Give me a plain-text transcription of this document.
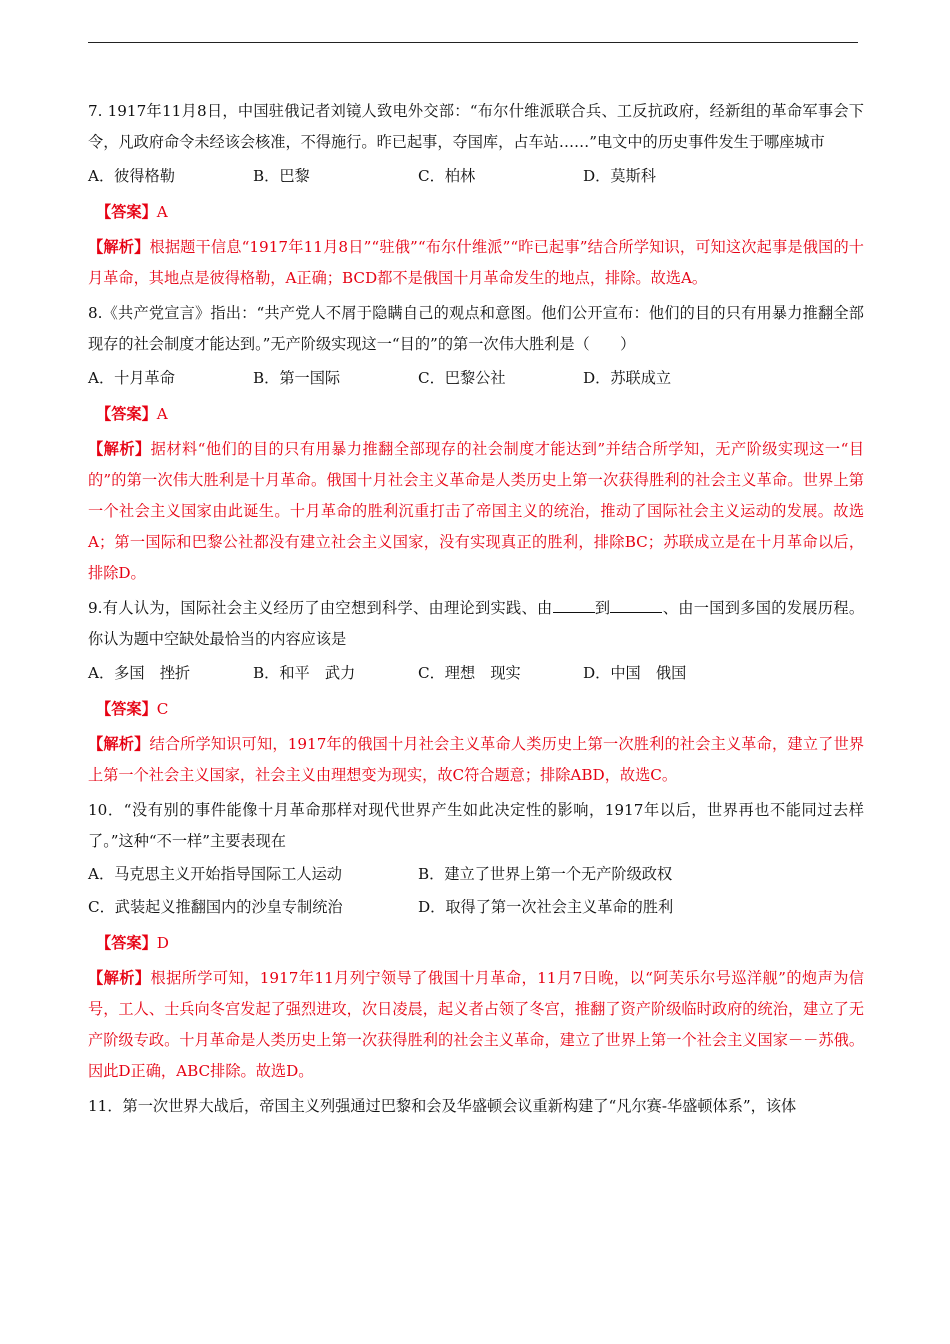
7. 1917年11月8日，中国驻俄记者刘镜人致电外交部：“布尔什维派联合兵、工反抗政府，经新组的革命军事会下令，凡政府命令未经该会核准，不得施行。昨已起事，夺国库，占车站……”电文中的历史事件发生于哪座城市

A．彼得格勒	B．巴黎	C．柏林	D．莫斯科
【答案】A

【解析】根据题干信息“1917年11月8日”“驻俄”“布尔什维派”“昨已起事”结合所学知识，可知这次起事是俄国的十月革命，其地点是彼得格勒，A正确；BCD都不是俄国十月革命发生的地点，排除。故选A。

8.《共产党宣言》指出：“共产党人不屑于隐瞒自己的观点和意图。他们公开宣布：他们的目的只有用暴力推翻全部现存的社会制度才能达到。”无产阶级实现这一“目的”的第一次伟大胜利是（　　）

A．十月革命	B．第一国际	C．巴黎公社	D．苏联成立
【答案】A

【解析】据材料“他们的目的只有用暴力推翻全部现存的社会制度才能达到”并结合所学知，无产阶级实现这一“目的”的第一次伟大胜利是十月革命。俄国十月社会主义革命是人类历史上第一次获得胜利的社会主义革命。世界上第一个社会主义国家由此诞生。十月革命的胜利沉重打击了帝国主义的统治，推动了国际社会主义运动的发展。故选A；第一国际和巴黎公社都没有建立社会主义国家，没有实现真正的胜利，排除BC；苏联成立是在十月革命以后，排除D。

9.有人认为，国际社会主义经历了由空想到科学、由理论到实践、由	到	、由一国到多国的发展历程。你认为题中空缺处最恰当的内容应该是

A．多国　挫折	B．和平　武力	C．理想　现实	D．中国　俄国
【答案】C

【解析】结合所学知识可知，1917年的俄国十月社会主义革命人类历史上第一次胜利的社会主义革命，建立了世界上第一个社会主义国家，社会主义由理想变为现实，故C符合题意；排除ABD，故选C。

10．“没有别的事件能像十月革命那样对现代世界产生如此决定性的影响，1917年以后，世界再也不能同过去样了。”这种“不一样”主要表现在

A．马克思主义开始指导国际工人运动	B．建立了世界上第一个无产阶级政权
C．武装起义推翻国内的沙皇专制统治	D．取得了第一次社会主义革命的胜利
【答案】D

【解析】根据所学可知，1917年11月列宁领导了俄国十月革命，11月7日晚，以“阿芙乐尔号巡洋舰”的炮声为信号，工人、士兵向冬宫发起了强烈进攻，次日凌晨，起义者占领了冬宫，推翻了资产阶级临时政府的统治，建立了无产阶级专政。十月革命是人类历史上第一次获得胜利的社会主义革命，建立了世界上第一个社会主义国家－－苏俄。因此D正确，ABC排除。故选D。

11．第一次世界大战后，帝国主义列强通过巴黎和会及华盛顿会议重新构建了“凡尔赛-华盛顿体系”，该体
